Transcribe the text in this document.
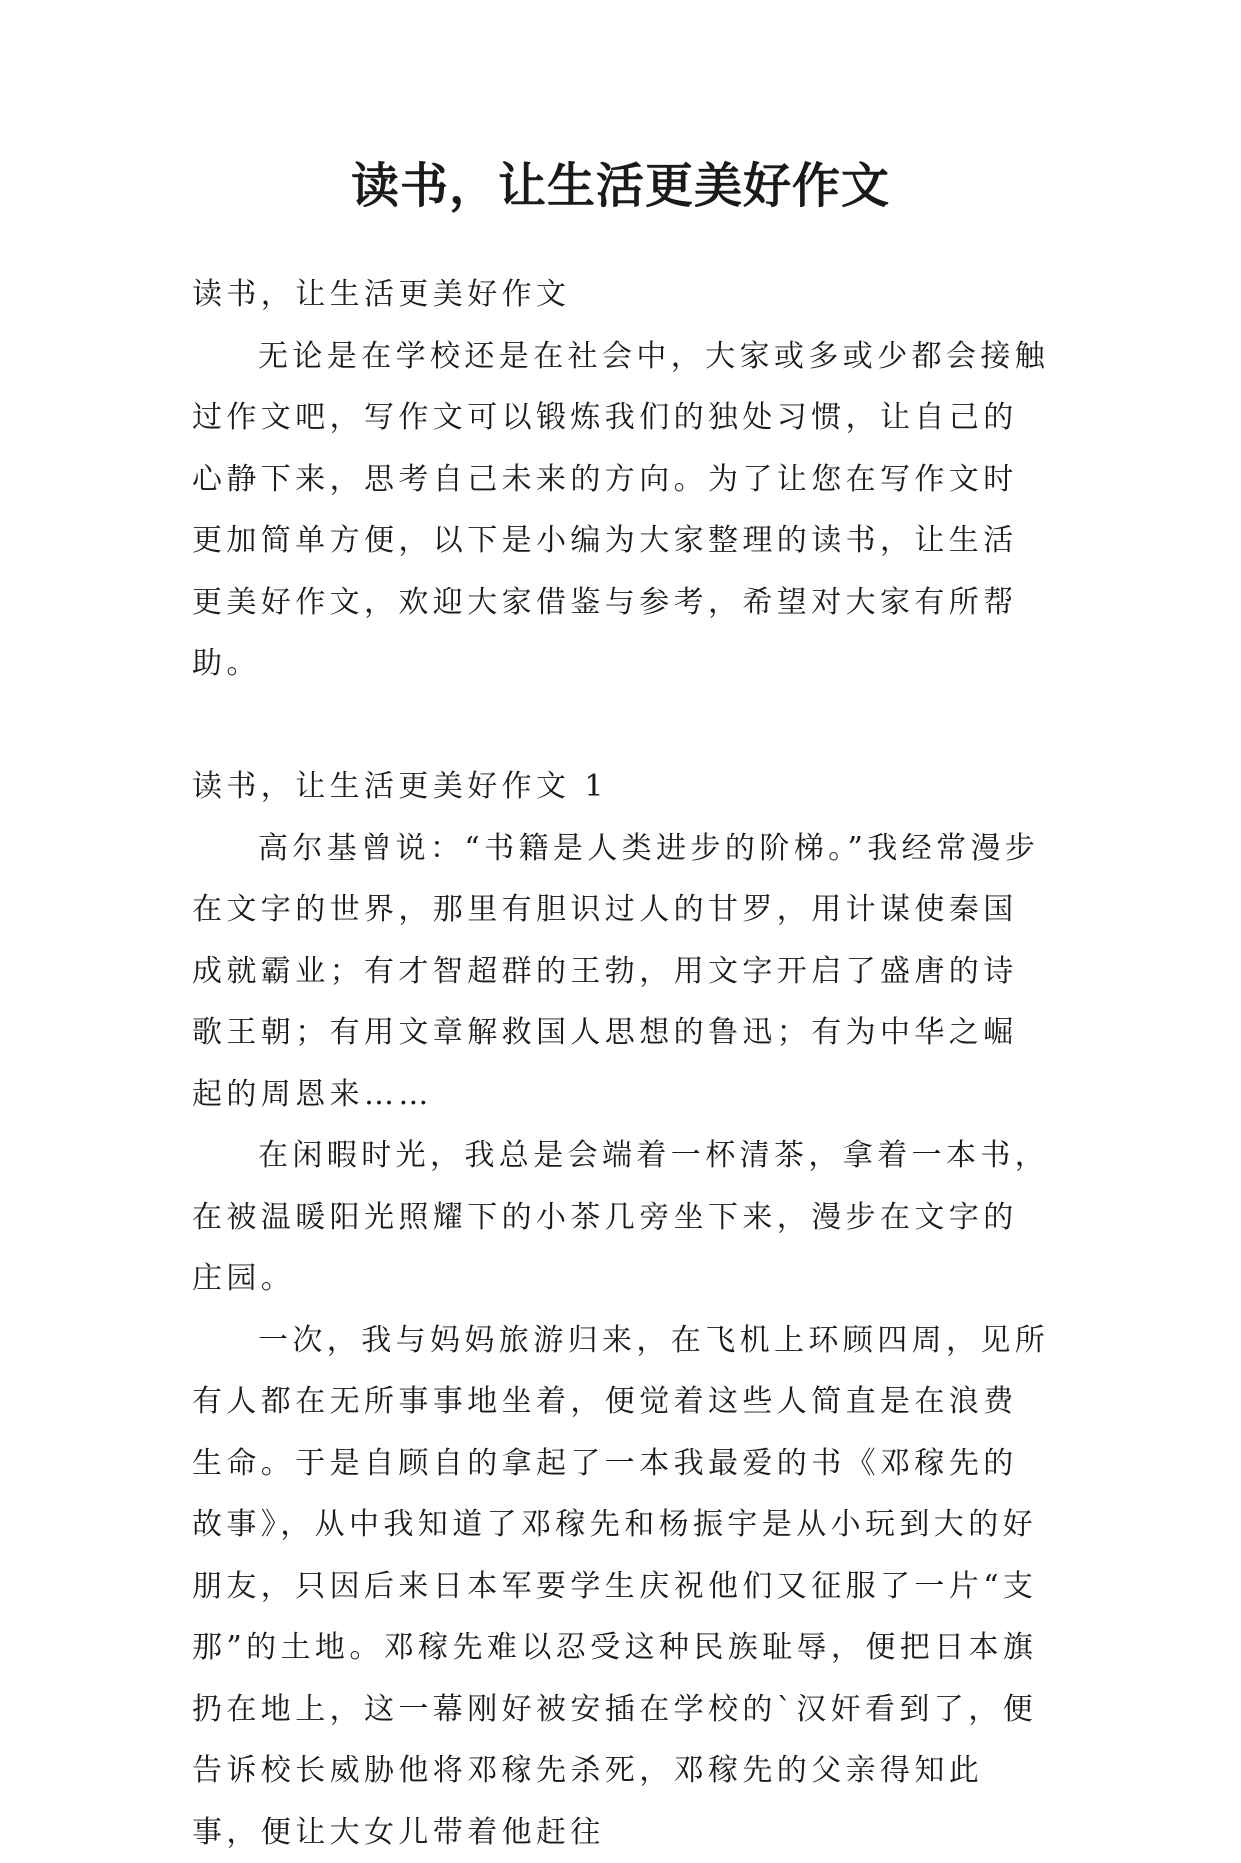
读书，让生活更美好作文

读书，让生活更美好作文

无论是在学校还是在社会中，大家或多或少都会接触过作文吧，写作文可以锻炼我们的独处习惯，让自己的心静下来，思考自己未来的方向。为了让您在写作文时更加简单方便，以下是小编为大家整理的读书，让生活更美好作文，欢迎大家借鉴与参考，希望对大家有所帮助。

读书，让生活更美好作文 1

高尔基曾说：“书籍是人类进步的阶梯。”我经常漫步在文字的世界，那里有胆识过人的甘罗，用计谋使秦国成就霸业；有才智超群的王勃，用文字开启了盛唐的诗歌王朝；有用文章解救国人思想的鲁迅；有为中华之崛起的周恩来……

在闲暇时光，我总是会端着一杯清茶，拿着一本书，在被温暖阳光照耀下的小茶几旁坐下来，漫步在文字的庄园。

一次，我与妈妈旅游归来，在飞机上环顾四周，见所有人都在无所事事地坐着，便觉着这些人简直是在浪费生命。于是自顾自的拿起了一本我最爱的书《邓稼先的故事》，从中我知道了邓稼先和杨振宇是从小玩到大的好朋友，只因后来日本军要学生庆祝他们又征服了一片“支那”的土地。邓稼先难以忍受这种民族耻辱，便把日本旗扔在地上，这一幕刚好被安插在学校的`汉奸看到了，便告诉校长威胁他将邓稼先杀死，邓稼先的父亲得知此事，便让大女儿带着他赶往
